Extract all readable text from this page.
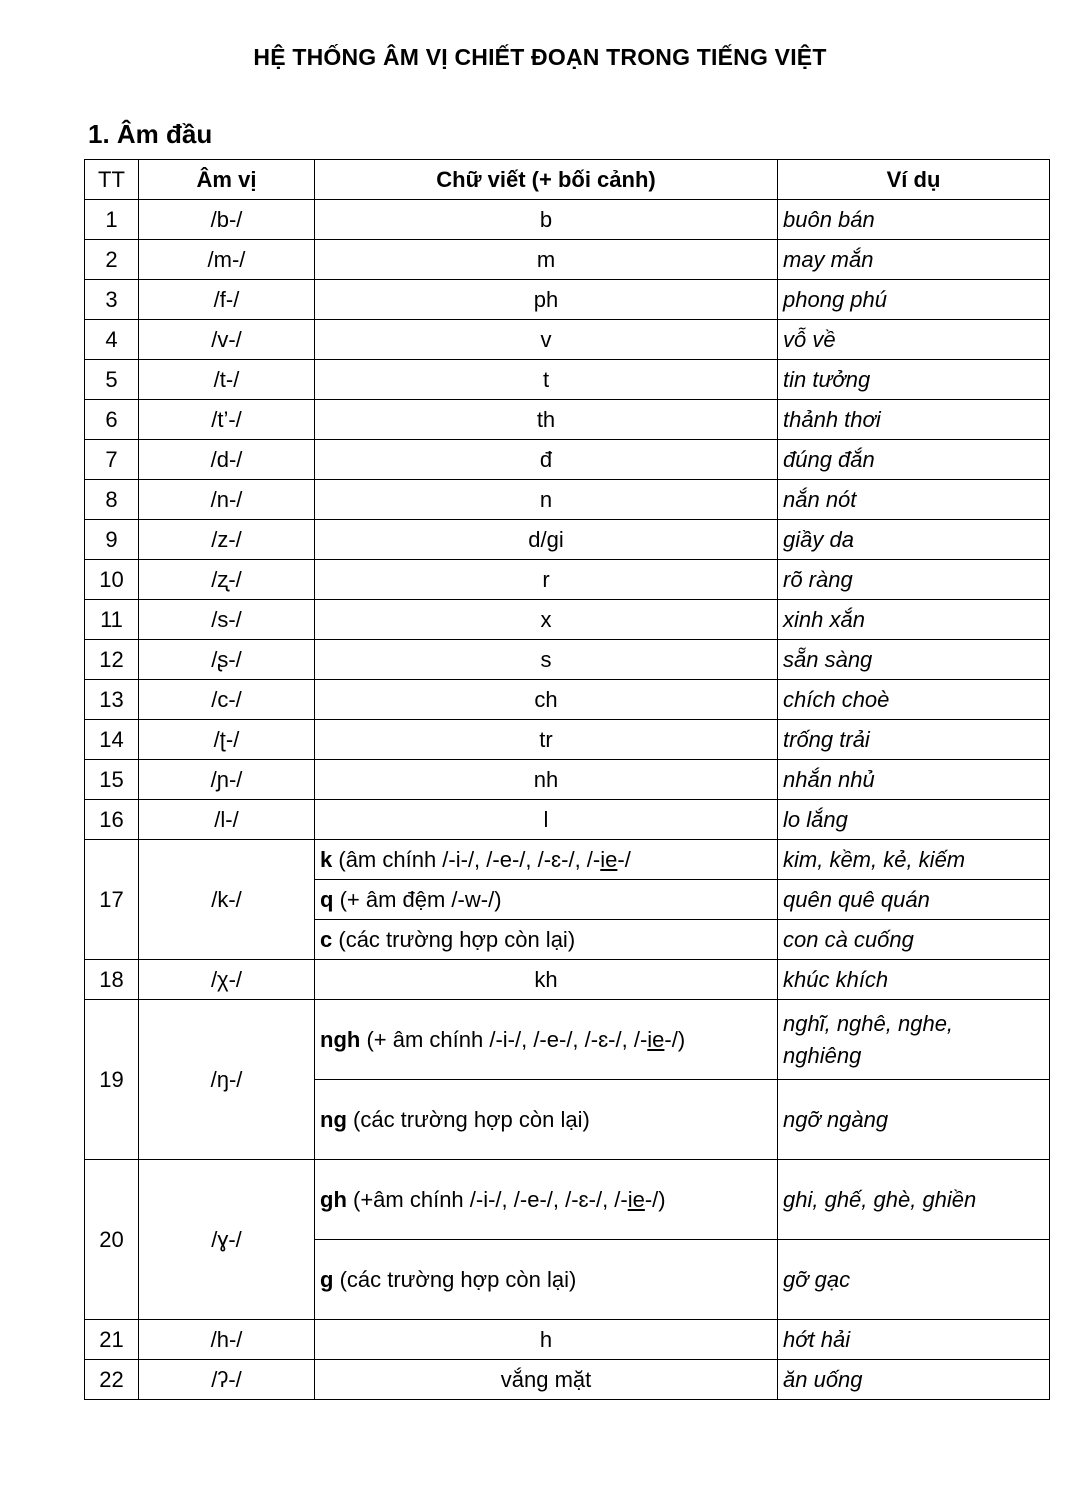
HỆ THỐNG ÂM VỊ CHIẾT ĐOẠN TRONG TIẾNG VIỆT
1. Âm đầu
TT	Âm vị	Chữ viết (+ bối cảnh)	Ví dụ
1	/b-/	b	buôn bán
2	/m-/	m	may mắn
3	/f-/	ph	phong phú
4	/v-/	v	vỗ về
5	/t-/	t	tin tưởng
6	/t’-/	th	thảnh thơi
7	/d-/	đ	đúng đắn
8	/n-/	n	nắn nót
9	/z-/	d/gi	giầy da
10	/ʐ-/	r	rõ ràng
11	/s-/	x	xinh xắn
12	/ʂ-/	s	sẵn sàng
13	/c-/	ch	chích choè
14	/ʈ-/	tr	trống trải
15	/ɲ-/	nh	nhắn nhủ
16	/l-/	l	lo lắng
17	/k-/	k (âm chính /-i-/, /-e-/, /-ɛ-/, /-ie-/	kim, kềm, kẻ, kiếm
		q (+ âm đệm /-w-/)	quên quê quán
		c (các trường hợp còn lại)	con cà cuống
18	/χ-/	kh	khúc khích
19	/ŋ-/	ngh (+ âm chính /-i-/, /-e-/, /-ɛ-/, /-ie-/)	nghĩ, nghê, nghe,
nghiêng

		ng (các trường hợp còn lại)	ngỡ ngàng
20	/ɣ-/	gh (+âm chính /-i-/, /-e-/, /-ɛ-/, /-ie-/)	ghi, ghế, ghè, ghiền
		g (các trường hợp còn lại)	gỡ gạc
21	/h-/	h	hớt hải
22	/ʔ-/	vắng mặt	ăn uống
